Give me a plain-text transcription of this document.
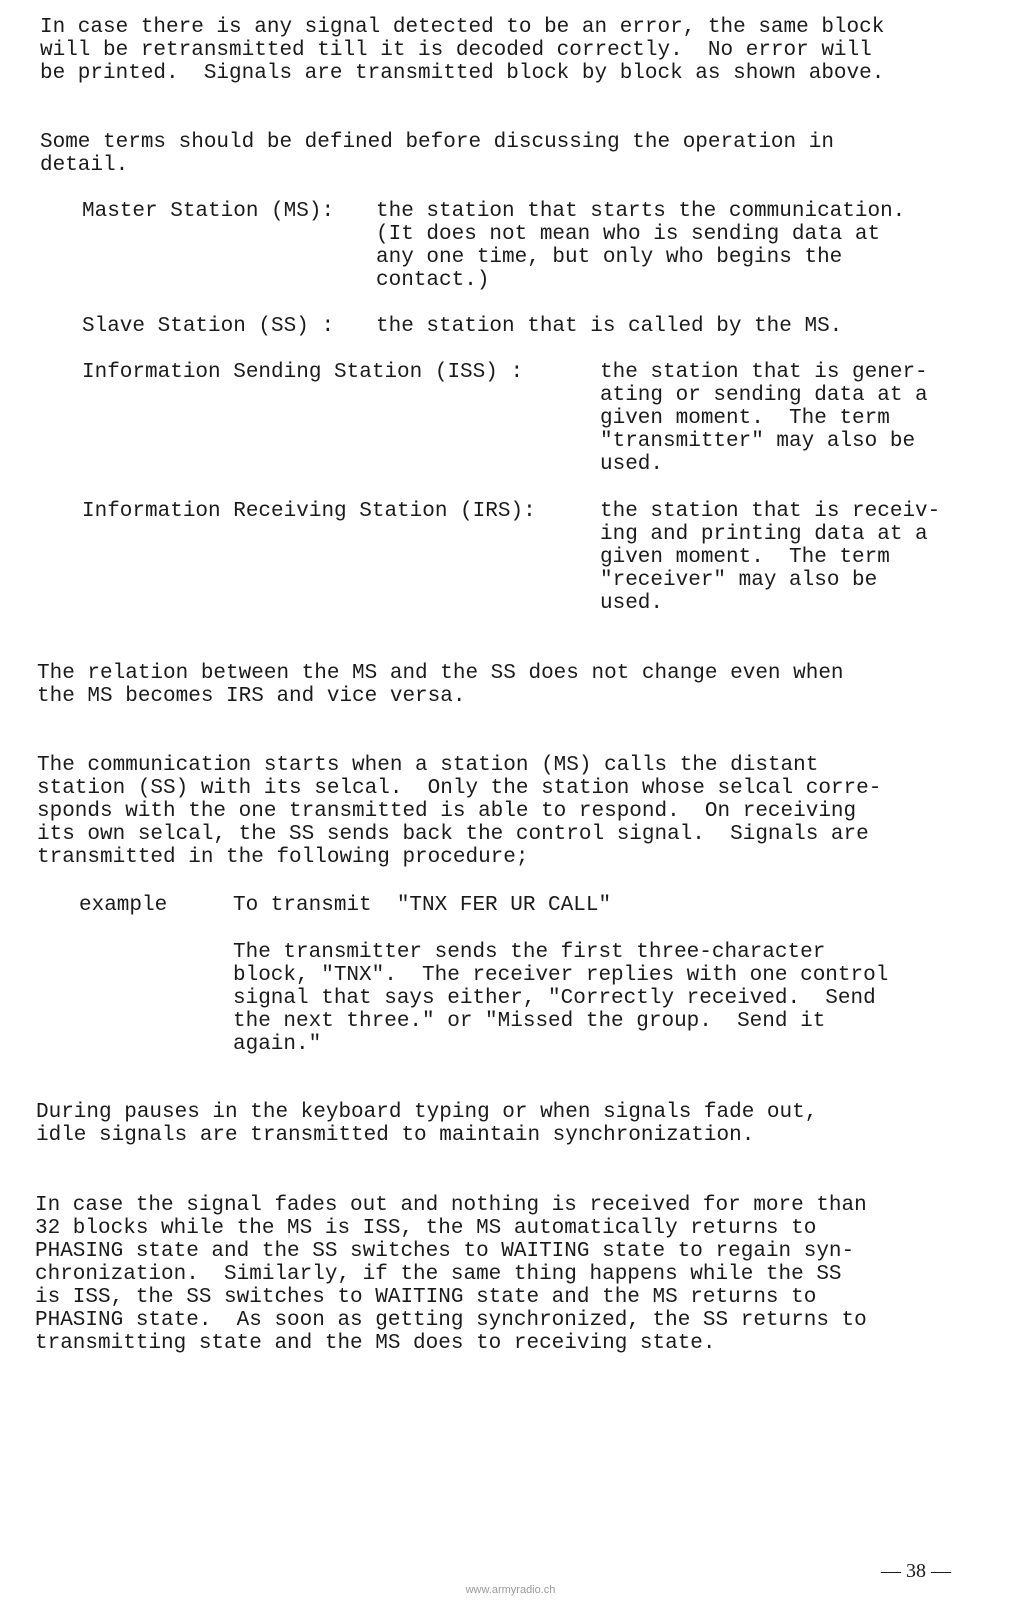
In case there is any signal detected to be an error, the same block
will be retransmitted till it is decoded correctly.  No error will
be printed.  Signals are transmitted block by block as shown above.
Some terms should be defined before discussing the operation in
detail.
Master Station (MS): the station that starts the communication.
(It does not mean who is sending data at
any one time, but only who begins the
contact.)
Slave Station (SS) : the station that is called by the MS.
Information Sending Station (ISS) :	the station that is gener-
ating or sending data at a
given moment.  The term
"transmitter" may also be
used.
Information Receiving Station (IRS):	the station that is receiv-
ing and printing data at a
given moment.  The term
"receiver" may also be
used.
The relation between the MS and the SS does not change even when
the MS becomes IRS and vice versa.
The communication starts when a station (MS) calls the distant
station (SS) with its selcal.  Only the station whose selcal corre-
sponds with the one transmitted is able to respond.  On receiving
its own selcal, the SS sends back the control signal.  Signals are
transmitted in the following procedure;
example	To transmit  "TNX FER UR CALL"
The transmitter sends the first three-character
block, "TNX".  The receiver replies with one control
signal that says either, "Correctly received.  Send
the next three." or "Missed the group.  Send it
again."
During pauses in the keyboard typing or when signals fade out,
idle signals are transmitted to maintain synchronization.
In case the signal fades out and nothing is received for more than
32 blocks while the MS is ISS, the MS automatically returns to
PHASING state and the SS switches to WAITING state to regain syn-
chronization.  Similarly, if the same thing happens while the SS
is ISS, the SS switches to WAITING state and the MS returns to
PHASING state.  As soon as getting synchronized, the SS returns to
transmitting state and the MS does to receiving state.
— 38 —
www.armyradio.ch
